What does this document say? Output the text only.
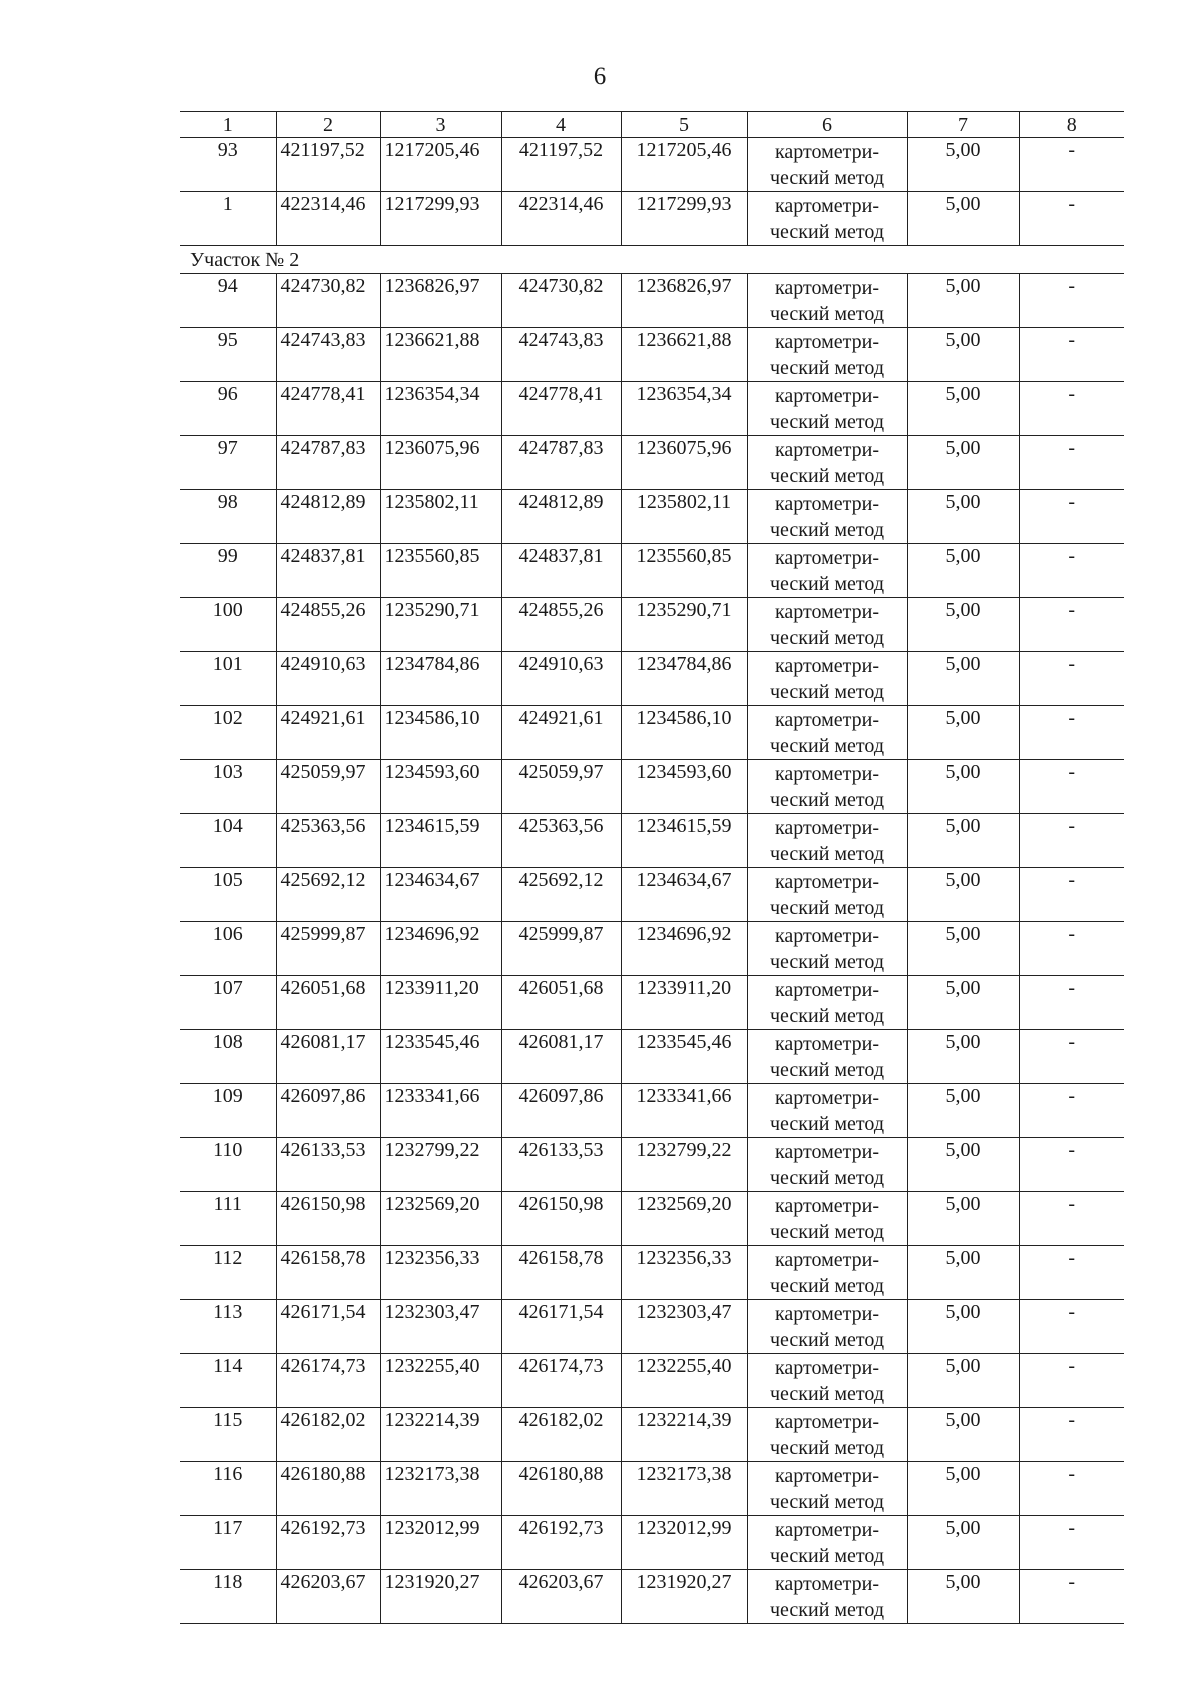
6
1	2	3	4	5	6	7	8
93	421197,52	1217205,46	421197,52	1217205,46	картометри-
ческий метод	5,00	-
1	422314,46	1217299,93	422314,46	1217299,93	картометри-
ческий метод	5,00	-
Участок № 2							
94	424730,82	1236826,97	424730,82	1236826,97	картометри-
ческий метод	5,00	-
95	424743,83	1236621,88	424743,83	1236621,88	картометри-
ческий метод	5,00	-
96	424778,41	1236354,34	424778,41	1236354,34	картометри-
ческий метод	5,00	-
97	424787,83	1236075,96	424787,83	1236075,96	картометри-
ческий метод	5,00	-
98	424812,89	1235802,11	424812,89	1235802,11	картометри-
ческий метод	5,00	-
99	424837,81	1235560,85	424837,81	1235560,85	картометри-
ческий метод	5,00	-
100	424855,26	1235290,71	424855,26	1235290,71	картометри-
ческий метод	5,00	-
101	424910,63	1234784,86	424910,63	1234784,86	картометри-
ческий метод	5,00	-
102	424921,61	1234586,10	424921,61	1234586,10	картометри-
ческий метод	5,00	-
103	425059,97	1234593,60	425059,97	1234593,60	картометри-
ческий метод	5,00	-
104	425363,56	1234615,59	425363,56	1234615,59	картометри-
ческий метод	5,00	-
105	425692,12	1234634,67	425692,12	1234634,67	картометри-
ческий метод	5,00	-
106	425999,87	1234696,92	425999,87	1234696,92	картометри-
ческий метод	5,00	-
107	426051,68	1233911,20	426051,68	1233911,20	картометри-
ческий метод	5,00	-
108	426081,17	1233545,46	426081,17	1233545,46	картометри-
ческий метод	5,00	-
109	426097,86	1233341,66	426097,86	1233341,66	картометри-
ческий метод	5,00	-
110	426133,53	1232799,22	426133,53	1232799,22	картометри-
ческий метод	5,00	-
111	426150,98	1232569,20	426150,98	1232569,20	картометри-
ческий метод	5,00	-
112	426158,78	1232356,33	426158,78	1232356,33	картометри-
ческий метод	5,00	-
113	426171,54	1232303,47	426171,54	1232303,47	картометри-
ческий метод	5,00	-
114	426174,73	1232255,40	426174,73	1232255,40	картометри-
ческий метод	5,00	-
115	426182,02	1232214,39	426182,02	1232214,39	картометри-
ческий метод	5,00	-
116	426180,88	1232173,38	426180,88	1232173,38	картометри-
ческий метод	5,00	-
117	426192,73	1232012,99	426192,73	1232012,99	картометри-
ческий метод	5,00	-
118	426203,67	1231920,27	426203,67	1231920,27	картометри-
ческий метод	5,00	-
